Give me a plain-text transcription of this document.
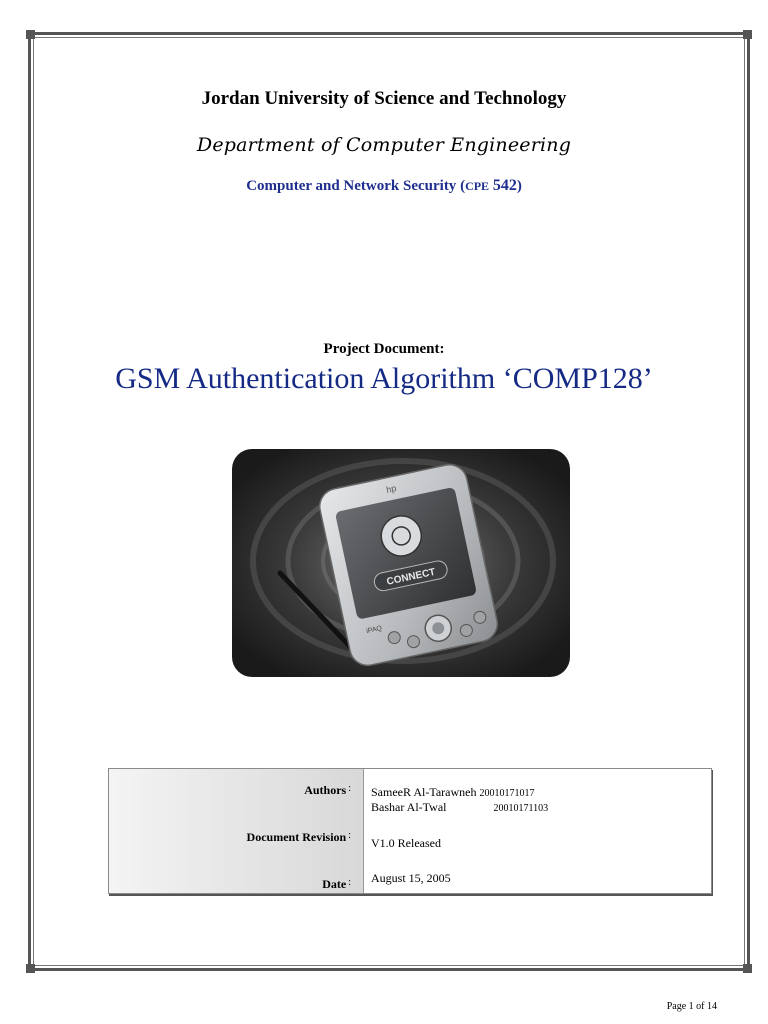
Jordan University of Science and Technology
Department of Computer Engineering
Computer and Network Security (CPE 542)
Project Document:
GSM Authentication Algorithm ‘COMP128’
CONNECT
hp
iPAQ
Authors :
Document Revision :
Date :
SameeR Al-Tarawneh 20010171017
Bashar Al-Twal	20010171103
V1.0 Released
August 15, 2005
Page 1 of 14
